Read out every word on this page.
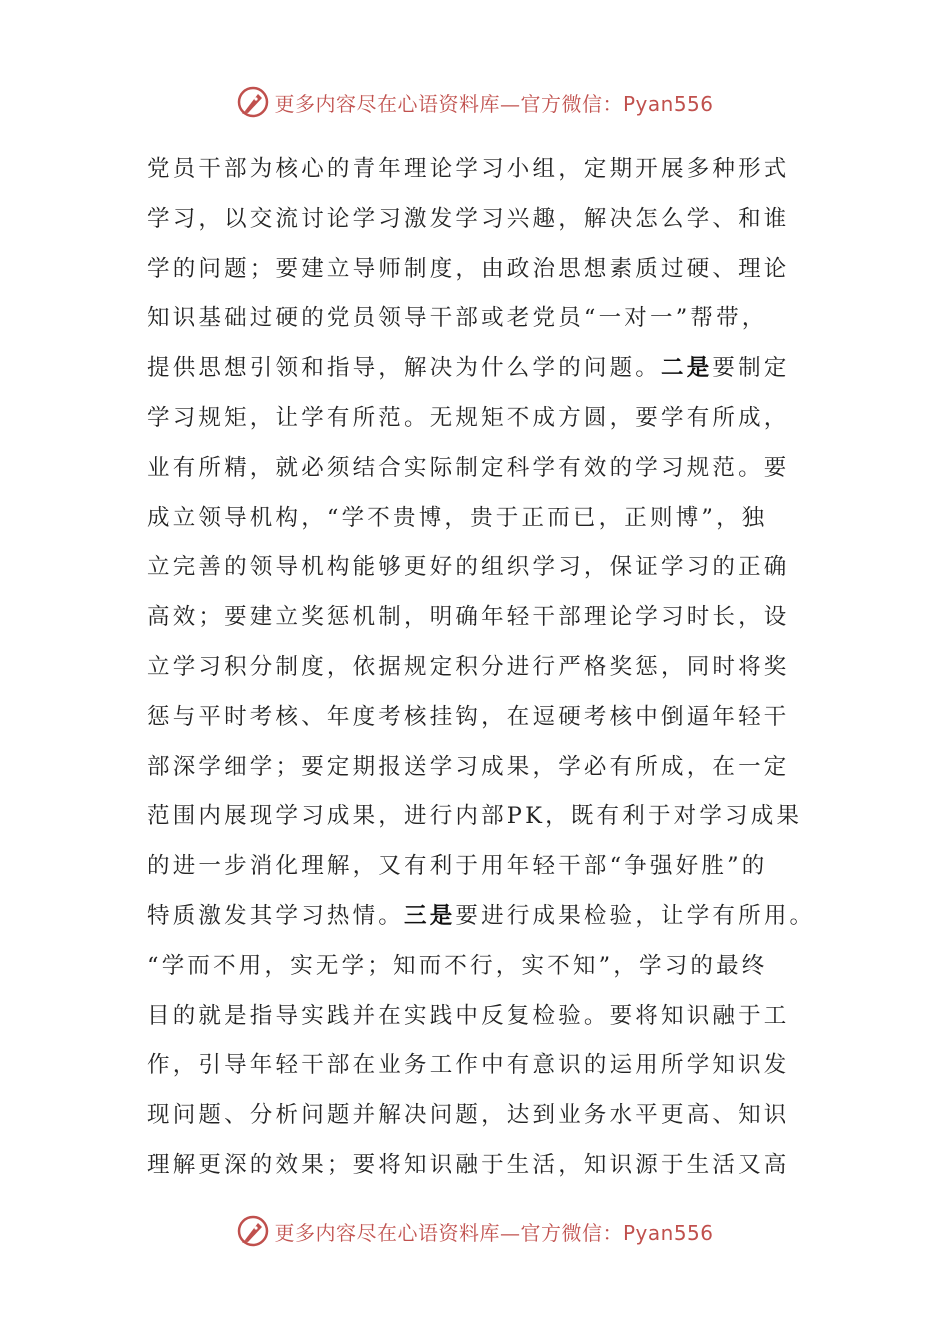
更多内容尽在心语资料库—官方微信：Pyan556
党员干部为核心的青年理论学习小组，定期开展多种形式
学习，以交流讨论学习激发学习兴趣，解决怎么学、和谁
学的问题；要建立导师制度，由政治思想素质过硬、理论
知识基础过硬的党员领导干部或老党员“一对一”帮带，
提供思想引领和指导，解决为什么学的问题。二是要制定
学习规矩，让学有所范。无规矩不成方圆，要学有所成，
业有所精，就必须结合实际制定科学有效的学习规范。要
成立领导机构，“学不贵博，贵于正而已，正则博”，独
立完善的领导机构能够更好的组织学习，保证学习的正确
高效；要建立奖惩机制，明确年轻干部理论学习时长，设
立学习积分制度，依据规定积分进行严格奖惩，同时将奖
惩与平时考核、年度考核挂钩，在逗硬考核中倒逼年轻干
部深学细学；要定期报送学习成果，学必有所成，在一定
范围内展现学习成果，进行内部PK，既有利于对学习成果
的进一步消化理解，又有利于用年轻干部“争强好胜”的
特质激发其学习热情。三是要进行成果检验，让学有所用。
“学而不用，实无学；知而不行，实不知”，学习的最终
目的就是指导实践并在实践中反复检验。要将知识融于工
作，引导年轻干部在业务工作中有意识的运用所学知识发
现问题、分析问题并解决问题，达到业务水平更高、知识
理解更深的效果；要将知识融于生活，知识源于生活又高
更多内容尽在心语资料库—官方微信：Pyan556
